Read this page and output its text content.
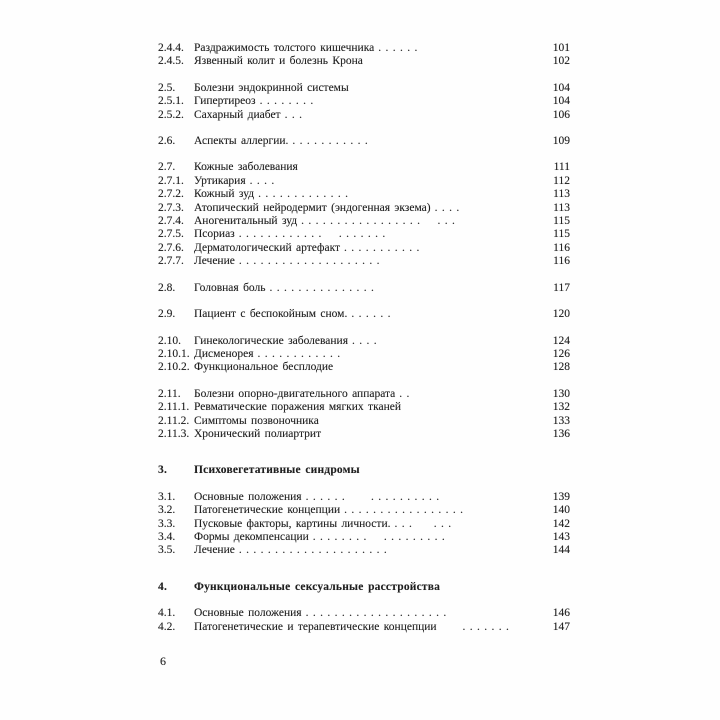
2.4.4. Раздражимость толстого кишечника . . . . . .	101
2.4.5. Язвенный колит и болезнь Крона	102
2.5.	Болезни эндокринной системы	104
2.5.1. Гипертиреоз . . . . . . . .	104
2.5.2. Сахарный диабет . . .	106
2.6.	Аспекты аллергии. . . . . . . . . . . .	109
2.7.	Кожные заболевания	111
2.7.1. Уртикария . . . .	112
2.7.2. Кожный зуд . . . . . . . . . . . . .	113
2.7.3. Атопический нейродермит (эндогенная экзема) . . . .	113
2.7.4. Аногенитальный зуд . . . . . . . . . . . . . . . . .    . . .	115
2.7.5. Псориаз . . . . . . . . . . . .    . . . . . . .	115
2.7.6. Дерматологический артефакт . . . . . . . . . . .	116
2.7.7. Лечение . . . . . . . . . . . . . . . . . . . .	116
2.8.	Головная боль . . . . . . . . . . . . . . .	117
2.9.	Пациент с беспокойным сном. . . . . . .	120
2.10.	Гинекологические заболевания . . . .	124
2.10.1. Дисменорея . . . . . . . . . . . .	126
2.10.2. Функциональное бесплодие	128
2.11.	Болезни опорно-двигательного аппарата . .	130
2.11.1. Ревматические поражения мягких тканей	132
2.11.2. Симптомы позвоночника	133
2.11.3. Хронический полиартрит	136
3.	Психовегетативные синдромы
3.1.	Основные положения . . . . . .      . . . . . . . . . .	139
3.2.	Патогенетические концепции . . . . . . . . . . . . . . . . .	140
3.3.	Пусковые факторы, картины личности. . . .     . . .	142
3.4.	Формы декомпенсации . . . . . . . .    . . . . . . . . .	143
3.5.	Лечение . . . . . . . . . . . . . . . . . . . . .	144
4.	Функциональные сексуальные расстройства
4.1.	Основные положения . . . . . . . . . . . . . . . . . . . .	146
4.2.	Патогенетические и терапевтические концепции     . . . . . . .	147
6
